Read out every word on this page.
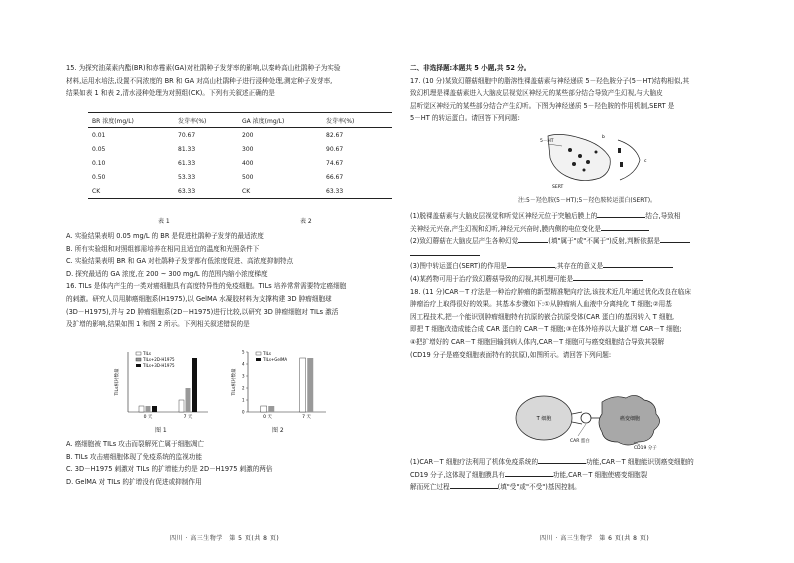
15. 为探究油菜素内酯(BR)和赤霉素(GA)对杜鹃种子发芽率的影响,以秦岭高山杜鹃种子为实验

材料,运用水培法,设置不同浓度的 BR 和 GA 对高山杜鹃种子进行浸种处理,测定种子发芽率,

结果如表 1 和表 2,清水浸种处理为对照组(CK)。下列有关叙述正确的是

BR 浓度(mg/L)	发芽率(%)
0.01	70.67
0.05	81.33
0.10	61.33
0.50	53.33
CK	63.33
表 1
GA 浓度(mg/L)	发芽率(%)
200	82.67
300	90.67
400	74.67
500	66.67
CK	63.33
表 2

A. 实验结果表明 0.05 mg/L 的 BR 是促进杜鹃种子发芽的最适浓度

B. 所有实验组和对照组都需培养在相同且适宜的温度和光照条件下

C. 实验结果表明 BR 和 GA 对杜鹃种子发芽都有低浓度促进、高浓度抑制特点

D. 探究最适的 GA 浓度,在 200 ~ 300 mg/L 的范围内缩小浓度梯度

16. TILs 是体内产生的一类对癌细胞具有高度特异性的免疫细胞。TILs 培养常常需要特定癌细胞

的刺激。研究人员用肺癌细胞系(H1975),以 GelMA 水凝胶材料为支撑构建 3D 肿瘤细胞球

(3D－H1975),并与 2D 肿瘤细胞系(2D－H1975)进行比较,以研究 3D 肿瘤细胞对 TILs 激活

及扩增的影响,结果如图 1 和图 2 所示。下列相关叙述错误的是

TILs相对数量
0 天	7 天
TILs
TILs+2D-H1975
TILs+3D-H1975
图 1
TILs相对数量
0
1
2
3
4
5
0 天	7 天
TILs
TILs+GelMA
图 2

A. 癌细胞被 TILs 攻击而裂解死亡属于细胞凋亡

B. TILs 攻击癌细胞体现了免疫系统的监视功能

C. 3D－H1975 刺激对 TILs 的扩增能力约是 2D－H1975 刺激的两倍

D. GelMA 对 TILs 的扩增没有促进或抑制作用

四川 · 高三生物学　第 5 页(共 8 页)

二、非选择题:本题共 5 小题,共 52 分。

17. (10 分)某致幻蘑菇细胞中的脂溶性裸盖菇素与神经递质 5－羟色胺分子(5－HT)结构相似,其

致幻机理是裸盖菇素进入大脑皮层视觉区神经元的某些部分结合导致产生幻视,与大脑皮

层听觉区神经元的某些部分结合产生幻听。下图为神经递质 5－羟色胺的作用机制,SERT 是

5－HT 的转运蛋白。请回答下列问题:

5－HT
b
c
SERT
注:5－羟色胺(5－HT);5－羟色胺转运蛋白(SERT)。

(1)脱裸盖菇素与大脑皮层视觉和听觉区神经元位于突触后膜上的	结合,导致相

关神经元兴奋,产生幻视和幻听,神经元兴奋时,膜内侧的电位变化是

(2)致幻蘑菇在大脑皮层产生各种幻觉	(填"属于"或"不属于")反射,判断依据是

(3)图中转运蛋白(SERT)的作用是	,其存在的意义是

(4)某药物可用于治疗致幻蘑菇导致的幻视,其机理可能是

18. (11 分)CAR－T 疗法是一种治疗肿瘤的新型精准靶向疗法,该技术近几年通过优化改良在临床

肿瘤治疗上取得很好的效果。其基本步骤如下:①从肿瘤病人血液中分离纯化 T 细胞;②用基

因工程技术,把一个能识别肿瘤细胞特有抗原的嵌合抗原受体(CAR 蛋白)的基因转入 T 细胞,

即把 T 细胞改造成能合成 CAR 蛋白的 CAR－T 细胞;③在体外培养以大量扩增 CAR－T 细胞;

④把扩增好的 CAR－T 细胞回输到病人体内,CAR－T 细胞可与癌变细胞结合导致其裂解

(CD19 分子是癌变细胞表面特有的抗原),如图所示。请回答下列问题:

T 细胞	癌变细胞
CAR 蛋白
CD19 分子

(1)CAR－T 细胞疗法利用了机体免疫系统的	功能,CAR－T 细胞能识别癌变细胞的

CD19 分子,这体现了细胞膜具有	功能,CAR－T 细胞使癌变细胞裂

解而死亡过程	(填"受"或"不受")基因控制。

四川 · 高三生物学　第 6 页(共 8 页)
